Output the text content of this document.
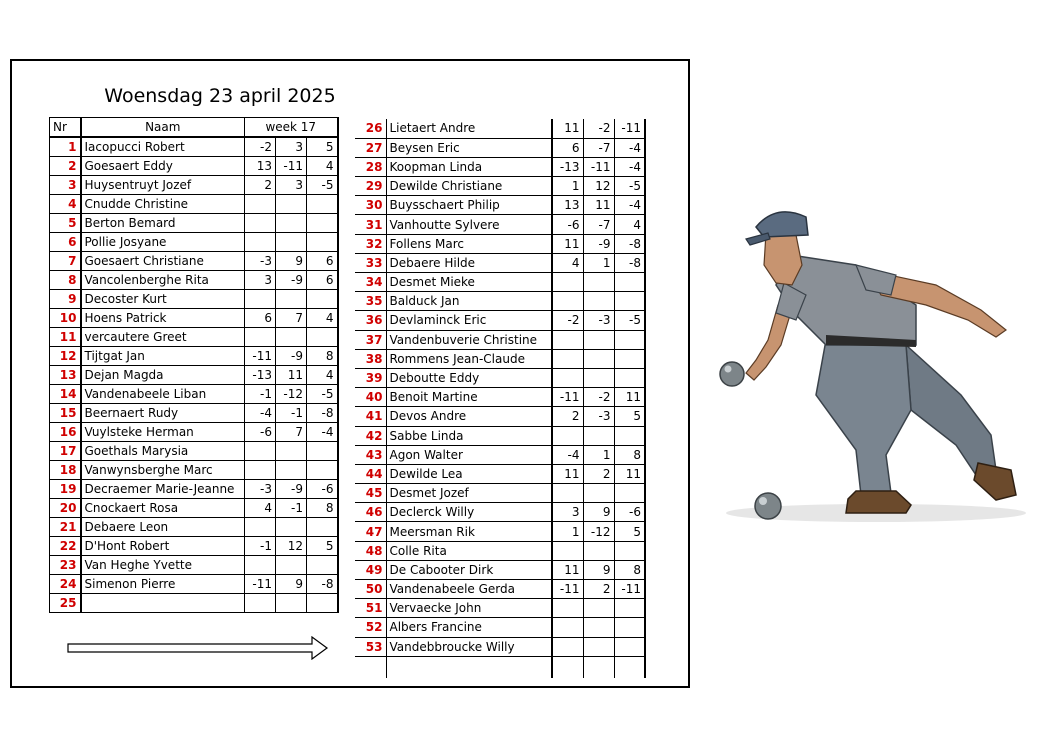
Woensdag 23 april 2025
Nr	Naam	week 17		
1	Iacopucci Robert	-2	3	5
2	Goesaert Eddy	13	-11	4
3	Huysentruyt Jozef	2	3	-5
4	Cnudde Christine			
5	Berton Bemard			
6	Pollie Josyane			
7	Goesaert Christiane	-3	9	6
8	Vancolenberghe Rita	3	-9	6
9	Decoster Kurt			
10	Hoens Patrick	6	7	4
11	vercautere Greet			
12	Tijtgat Jan	-11	-9	8
13	Dejan Magda	-13	11	4
14	Vandenabeele Liban	-1	-12	-5
15	Beernaert Rudy	-4	-1	-8
16	Vuylsteke Herman	-6	7	-4
17	Goethals Marysia			
18	Vanwynsberghe Marc			
19	Decraemer Marie-Jeanne	-3	-9	-6
20	Cnockaert Rosa	4	-1	8
21	Debaere Leon			
22	D'Hont Robert	-1	12	5
23	Van Heghe Yvette			
24	Simenon Pierre	-11	9	-8
25				
26	Lietaert Andre	11	-2	-11
27	Beysen Eric	6	-7	-4
28	Koopman Linda	-13	-11	-4
29	Dewilde Christiane	1	12	-5
30	Buysschaert Philip	13	11	-4
31	Vanhoutte Sylvere	-6	-7	4
32	Follens Marc	11	-9	-8
33	Debaere Hilde	4	1	-8
34	Desmet Mieke			
35	Balduck Jan			
36	Devlaminck Eric	-2	-3	-5
37	Vandenbuverie Christine			
38	Rommens Jean-Claude			
39	Deboutte Eddy			
40	Benoit Martine	-11	-2	11
41	Devos Andre	2	-3	5
42	Sabbe Linda			
43	Agon Walter	-4	1	8
44	Dewilde Lea	11	2	11
45	Desmet Jozef			
46	Declerck Willy	3	9	-6
47	Meersman Rik	1	-12	5
48	Colle Rita			
49	De Cabooter Dirk	11	9	8
50	Vandenabeele Gerda	-11	2	-11
51	Vervaecke John			
52	Albers Francine			
53	Vandebbroucke Willy			
